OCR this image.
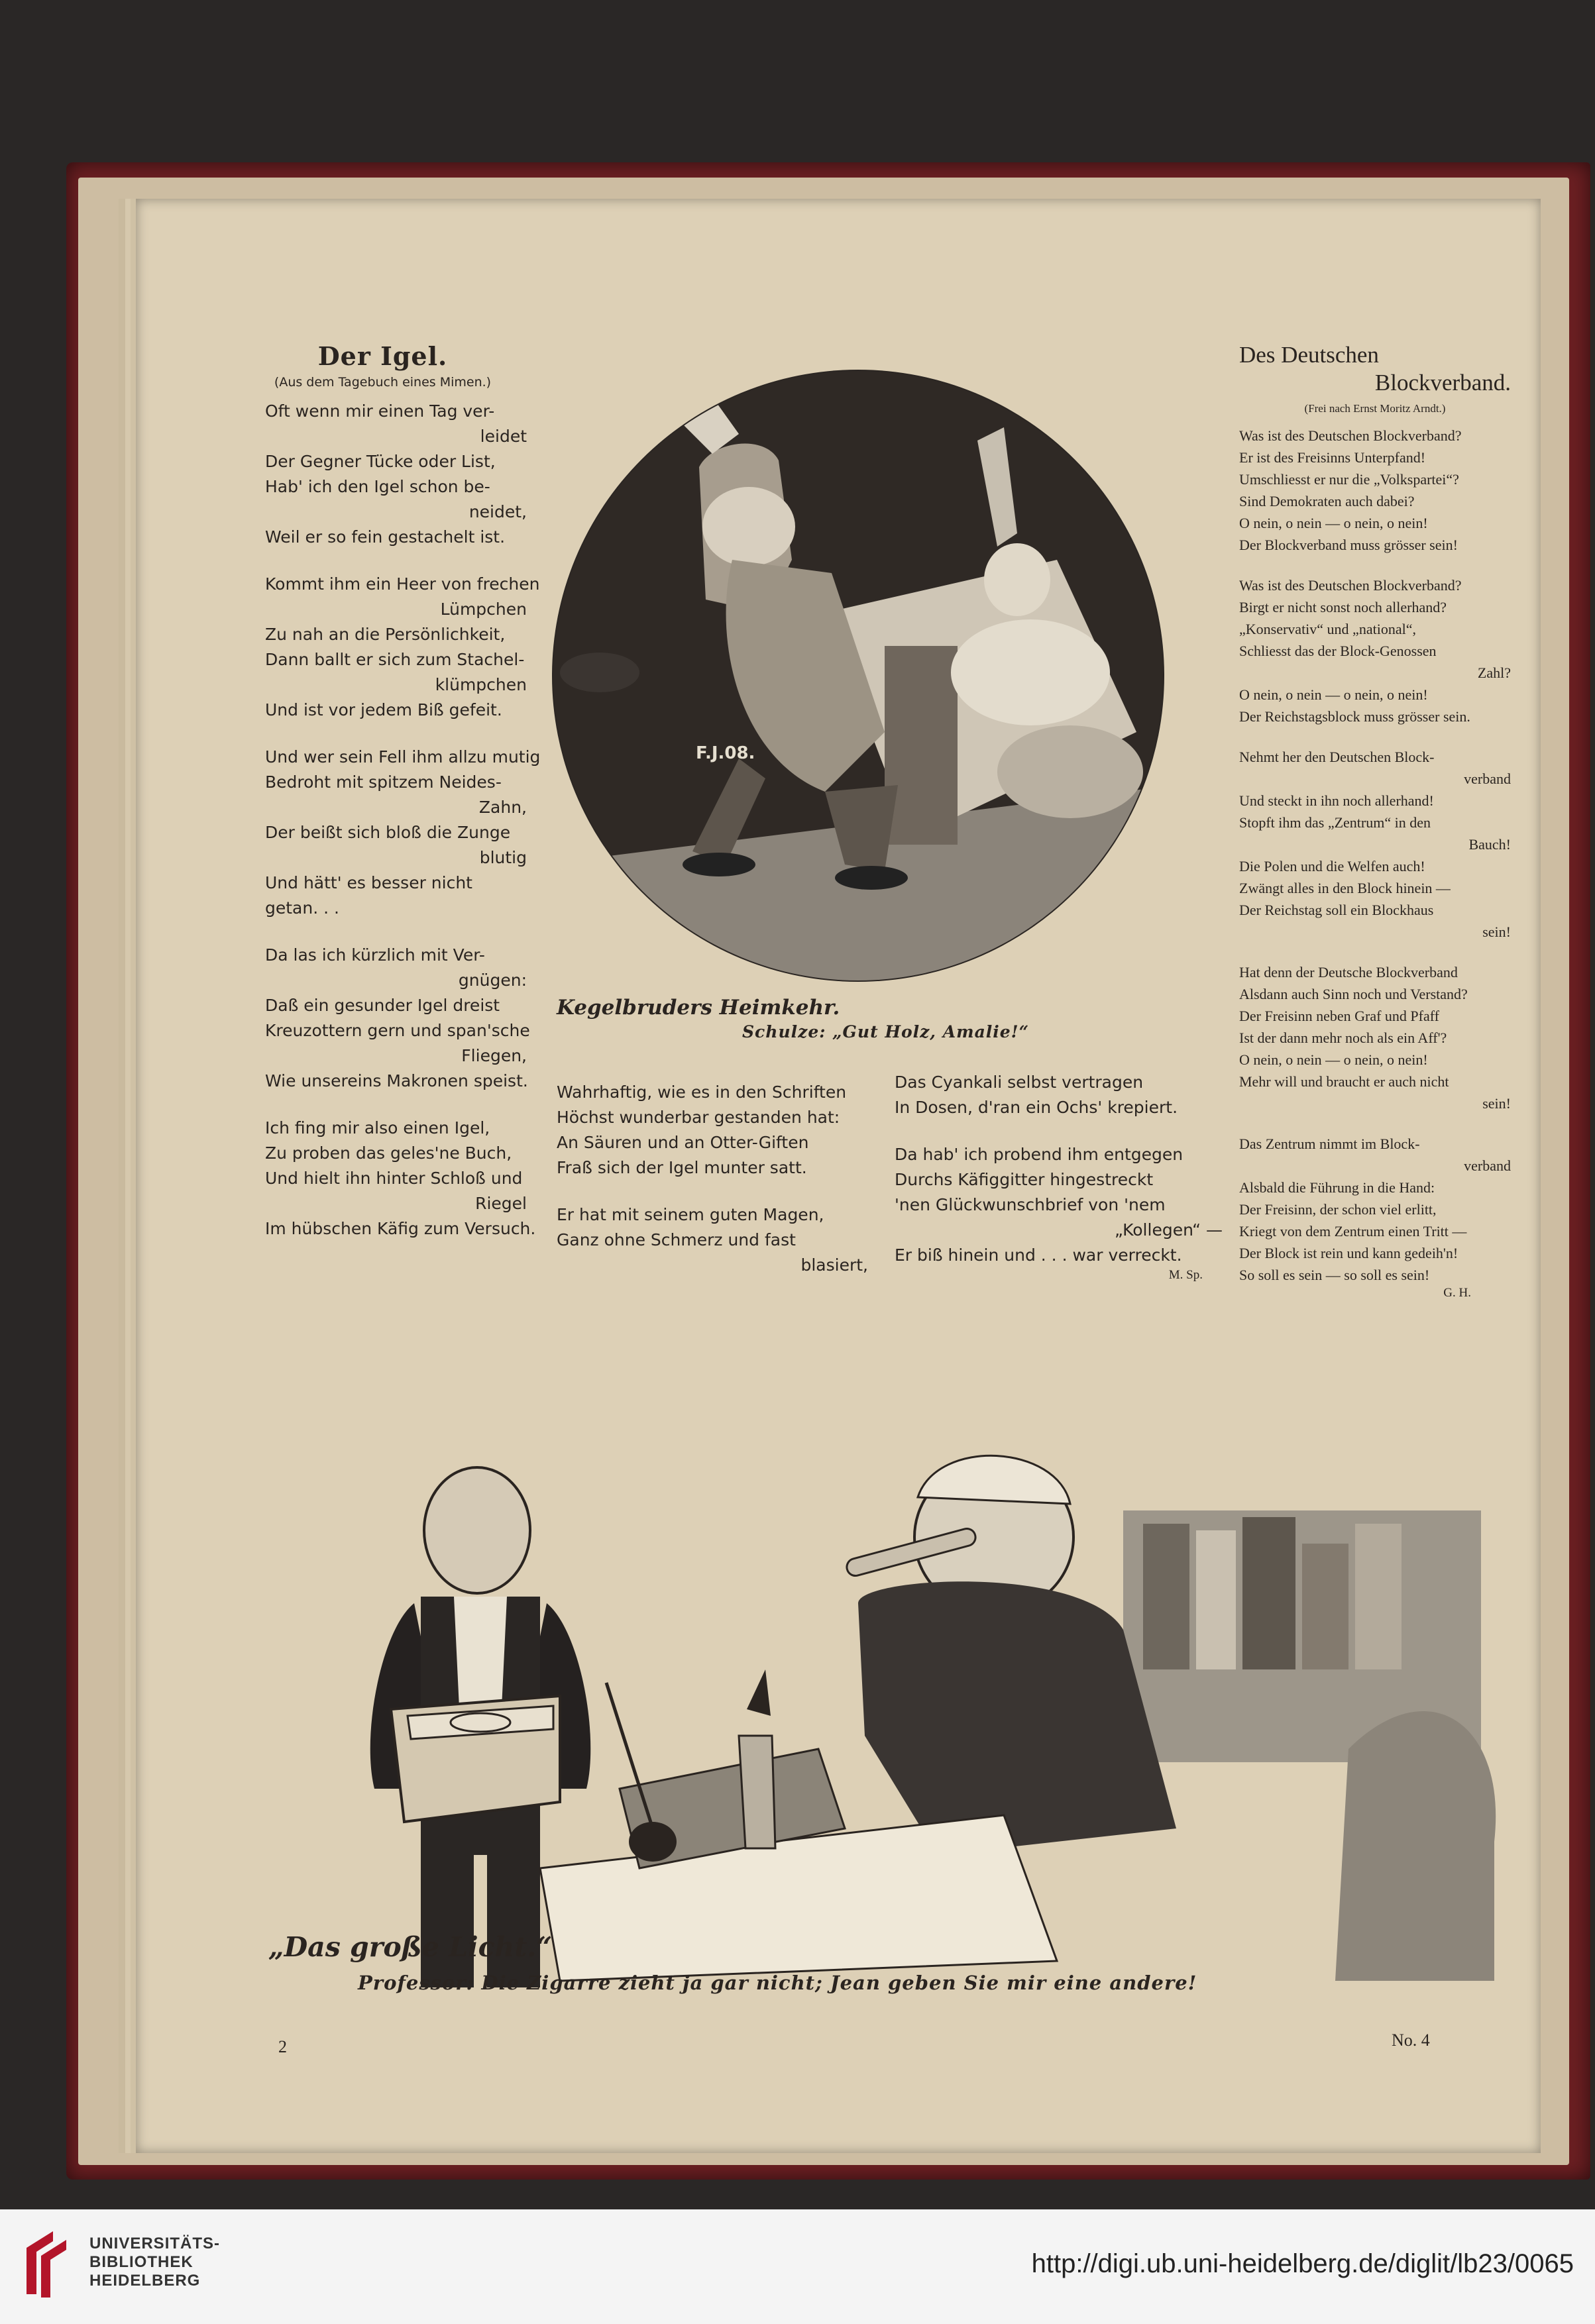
Der Igel.
(Aus dem Tagebuch eines Mimen.)
Oft wenn mir einen Tag ver-
leidet
Der Gegner Tücke oder List,
Hab' ich den Igel schon be-
neidet,
Weil er so fein gestachelt ist.
Kommt ihm ein Heer von frechen
Lümpchen
Zu nah an die Persönlichkeit,
Dann ballt er sich zum Stachel-
klümpchen
Und ist vor jedem Biß gefeit.
Und wer sein Fell ihm allzu mutig
Bedroht mit spitzem Neides-
Zahn,
Der beißt sich bloß die Zunge
blutig
Und hätt' es besser nicht
getan. . .
Da las ich kürzlich mit Ver-
gnügen:
Daß ein gesunder Igel dreist
Kreuzottern gern und span'sche
Fliegen,
Wie unsereins Makronen speist.
Ich fing mir also einen Igel,
Zu proben das geles'ne Buch,
Und hielt ihn hinter Schloß und
Riegel
Im hübschen Käfig zum Versuch.
F.J.08.
Kegelbruders Heimkehr.
Schulze: „Gut Holz, Amalie!“
Wahrhaftig, wie es in den Schriften
Höchst wunderbar gestanden hat:
An Säuren und an Otter-Giften
Fraß sich der Igel munter satt.
Er hat mit seinem guten Magen,
Ganz ohne Schmerz und fast
blasiert,
Das Cyankali selbst vertragen
In Dosen, d'ran ein Ochs' krepiert.
Da hab' ich probend ihm entgegen
Durchs Käfiggitter hingestreckt
'nen Glückwunschbrief von 'nem
„Kollegen“ —
Er biß hinein und . . . war verreckt.
M. Sp.
Des Deutschen
Blockverband.
(Frei nach Ernst Moritz Arndt.)
Was ist des Deutschen Blockverband?
Er ist des Freisinns Unterpfand!
Umschliesst er nur die „Volkspartei“?
Sind Demokraten auch dabei?
O nein, o nein — o nein, o nein!
Der Blockverband muss grösser sein!
Was ist des Deutschen Blockverband?
Birgt er nicht sonst noch allerhand?
„Konservativ“ und „national“,
Schliesst das der Block-Genossen
Zahl?
O nein, o nein — o nein, o nein!
Der Reichstagsblock muss grösser sein.
Nehmt her den Deutschen Block-
verband
Und steckt in ihn noch allerhand!
Stopft ihm das „Zentrum“ in den
Bauch!
Die Polen und die Welfen auch!
Zwängt alles in den Block hinein —
Der Reichstag soll ein Blockhaus
sein!
Hat denn der Deutsche Blockverband
Alsdann auch Sinn noch und Verstand?
Der Freisinn neben Graf und Pfaff
Ist der dann mehr noch als ein Aff'?
O nein, o nein — o nein, o nein!
Mehr will und braucht er auch nicht
sein!
Das Zentrum nimmt im Block-
verband
Alsbald die Führung in die Hand:
Der Freisinn, der schon viel erlitt,
Kriegt von dem Zentrum einen Tritt —
Der Block ist rein und kann gedeih'n!
So soll es sein — so soll es sein!
G. H.
„Das große Licht.“
Professor: Die Zigarre zieht ja gar nicht; Jean geben Sie mir eine andere!
2	No. 4
UNIVERSITÄTS-
BIBLIOTHEK
HEIDELBERG
http://digi.ub.uni-heidelberg.de/diglit/lb23/0065
